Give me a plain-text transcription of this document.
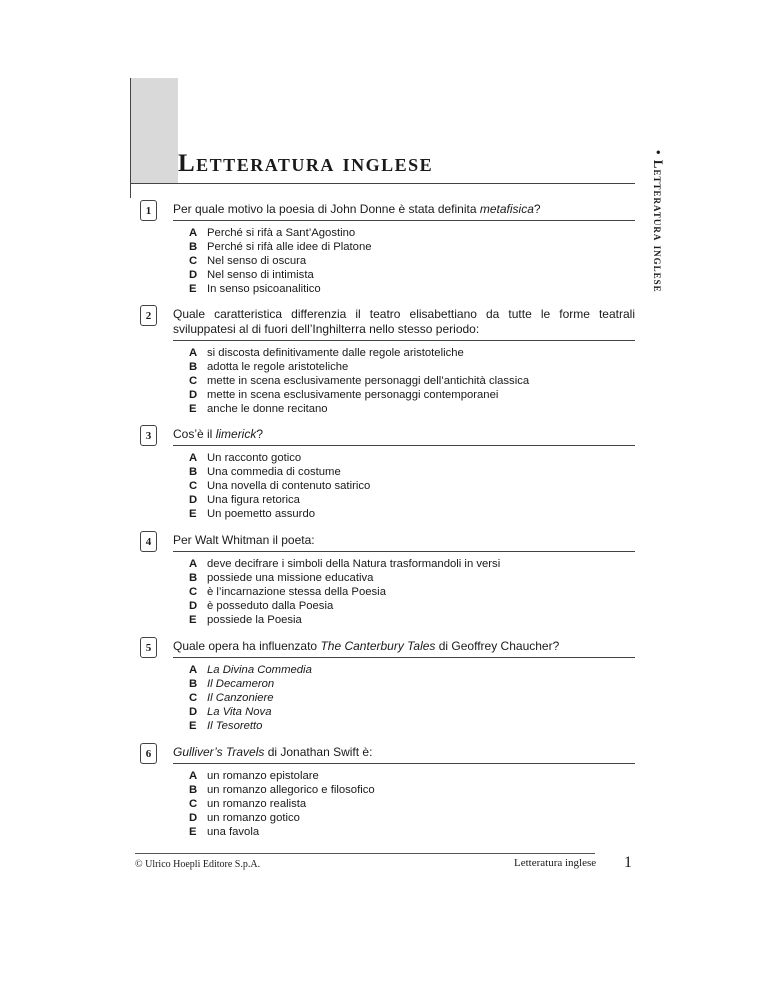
Letteratura inglese	• Letteratura inglese
1	Per quale motivo la poesia di John Donne è stata definita metafisica?
A Perché si rifà a Sant’Agostino
B Perché si rifà alle idee di Platone
C Nel senso di oscura
D Nel senso di intimista
E In senso psicoanalitico
2	Quale caratteristica differenzia il teatro elisabettiano da tutte le forme teatrali sviluppatesi al di fuori dell’Inghilterra nello stesso periodo:
A si discosta definitivamente dalle regole aristoteliche
B adotta le regole aristoteliche
C mette in scena esclusivamente personaggi dell’antichità classica
D mette in scena esclusivamente personaggi contemporanei
E anche le donne recitano
3	Cos’è il limerick?
A Un racconto gotico
B Una commedia di costume
C Una novella di contenuto satirico
D Una figura retorica
E Un poemetto assurdo
4	Per Walt Whitman il poeta:
A deve decifrare i simboli della Natura trasformandoli in versi
B possiede una missione educativa
C è l’incarnazione stessa della Poesia
D è posseduto dalla Poesia
E possiede la Poesia
5	Quale opera ha influenzato The Canterbury Tales di Geoffrey Chaucher?
A La Divina Commedia
B Il Decameron
C Il Canzoniere
D La Vita Nova
E Il Tesoretto
6	Gulliver’s Travels di Jonathan Swift è:
A un romanzo epistolare
B un romanzo allegorico e filosofico
C un romanzo realista
D un romanzo gotico
E una favola
© Ulrico Hoepli Editore S.p.A.	Letteratura inglese 1
